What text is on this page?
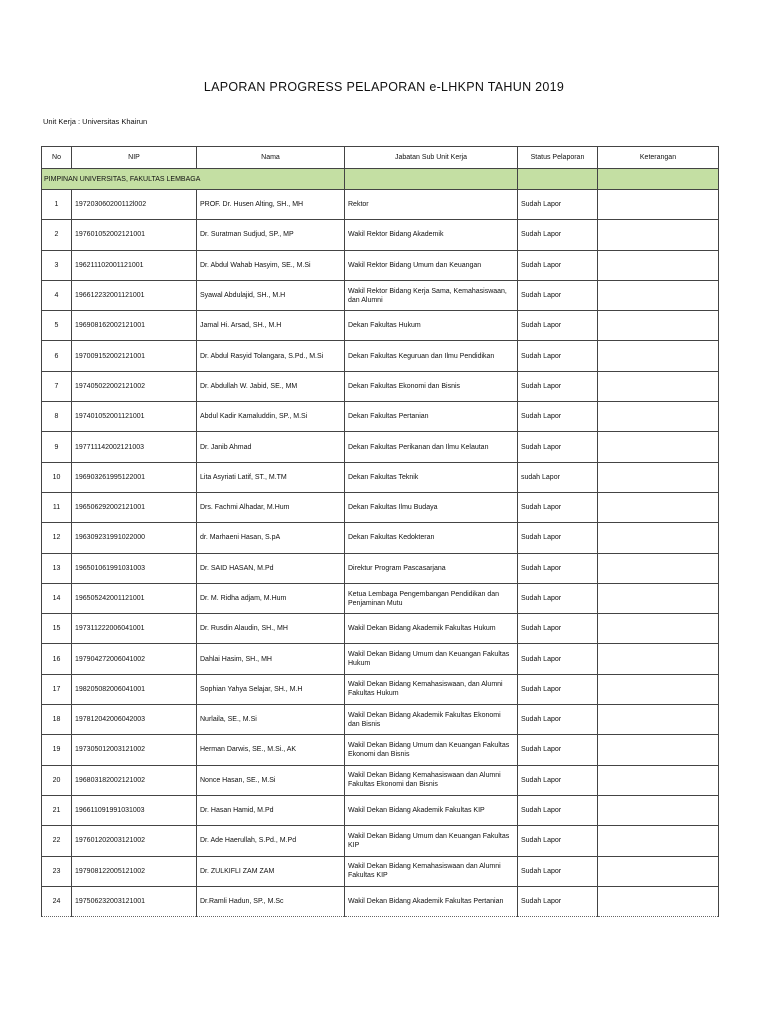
LAPORAN PROGRESS PELAPORAN e-LHKPN TAHUN 2019
Unit Kerja : Universitas Khairun
No	NIP	Nama	Jabatan Sub Unit Kerja	Status Pelaporan	Keterangan
PIMPINAN UNIVERSITAS, FAKULTAS LEMBAGA					
1	197203060200112l002	PROF. Dr. Husen Alting, SH., MH	Rektor	Sudah Lapor	
2	197601052002121001	Dr. Suratman Sudjud, SP., MP	Wakil Rektor Bidang Akademik	Sudah Lapor	
3	196211102001121001	Dr. Abdul Wahab Hasyim, SE., M.Si	Wakil Rektor Bidang Umum dan Keuangan	Sudah Lapor	
4	196612232001121001	Syawal Abdulajid, SH., M.H	Wakil Rektor Bidang Kerja Sama, Kemahasiswaan, dan Alumni	Sudah Lapor	
5	196908162002121001	Jamal Hi. Arsad, SH., M.H	Dekan Fakultas Hukum	Sudah Lapor	
6	197009152002121001	Dr. Abdul Rasyid Tolangara, S.Pd., M.Si	Dekan Fakultas Keguruan dan Ilmu Pendidikan	Sudah Lapor	
7	197405022002121002	Dr. Abdullah W. Jabid, SE., MM	Dekan Fakultas Ekonomi dan Bisnis	Sudah Lapor	
8	197401052001121001	Abdul Kadir Kamaluddin, SP., M.Si	Dekan Fakultas Pertanian	Sudah Lapor	
9	197711142002121003	Dr. Janib Ahmad	Dekan Fakultas Perikanan dan Ilmu Kelautan	Sudah Lapor	
10	196903261995122001	Lita Asyriati Latif, ST., M.TM	Dekan Fakultas Teknik	sudah Lapor	
11	196506292002121001	Drs. Fachmi Alhadar, M.Hum	Dekan Fakultas Ilmu Budaya	Sudah Lapor	
12	196309231991022000	dr. Marhaeni Hasan, S.pA	Dekan Fakultas Kedokteran	Sudah Lapor	
13	196501061991031003	Dr. SAID HASAN, M.Pd	Direktur Program Pascasarjana	Sudah Lapor	
14	196505242001121001	Dr. M. Ridha adjam, M.Hum	Ketua Lembaga Pengembangan Pendidikan dan Penjaminan Mutu	Sudah Lapor	
15	197311222006041001	Dr. Rusdin Alaudin, SH., MH	Wakil Dekan Bidang Akademik Fakultas Hukum	Sudah Lapor	
16	197904272006041002	Dahlai Hasim, SH., MH	Wakil Dekan Bidang Umum dan Keuangan Fakultas Hukum	Sudah Lapor	
17	198205082006041001	Sophian Yahya Selajar, SH., M.H	Wakil Dekan Bidang Kemahasiswaan, dan Alumni Fakultas Hukum	Sudah Lapor	
18	197812042006042003	Nurlaila, SE., M.Si	Wakil Dekan Bidang Akademik Fakultas Ekonomi dan Bisnis	Sudah Lapor	
19	197305012003121002	Herman Darwis, SE., M.Si., AK	Wakil Dekan Bidang Umum dan Keuangan Fakultas Ekonomi dan Bisnis	Sudah Lapor	
20	196803182002121002	Nonce Hasan, SE., M.Si	Wakil Dekan Bidang Kemahasiswaan dan Alumni Fakultas Ekonomi dan Bisnis	Sudah Lapor	
21	196611091991031003	Dr. Hasan Hamid, M.Pd	Wakil Dekan Bidang Akademik Fakultas KIP	Sudah Lapor	
22	197601202003121002	Dr. Ade Haerullah, S.Pd., M.Pd	Wakil Dekan Bidang Umum dan Keuangan Fakultas KIP	Sudah Lapor	
23	197908122005121002	Dr. ZULKIFLI ZAM ZAM	Wakil Dekan Bidang Kemahasiswaan dan Alumni Fakultas KIP	Sudah Lapor	
24	197506232003121001	Dr.Ramli Hadun, SP., M.Sc	Wakil Dekan Bidang Akademik Fakultas Pertanian	Sudah Lapor	
